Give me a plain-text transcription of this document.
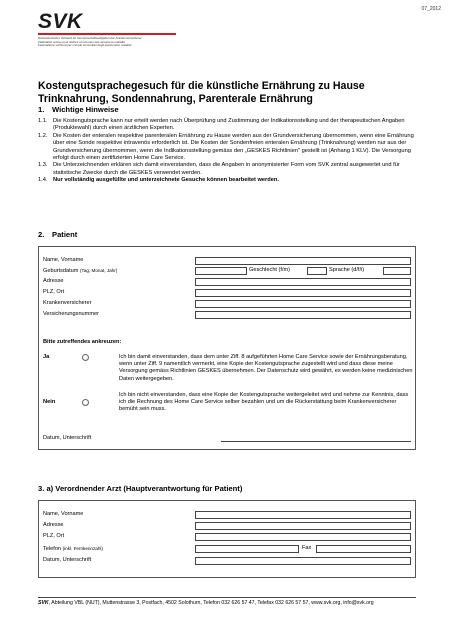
07_2012
SVK
Schweizerischer Verband für Gemeinschaftsaufgaben der Krankenversicherer
Fédération suisse pour tâches communes des assureurs-maladie
Federazione svizzera per compiti comunitari degli assicuratori malattia
Kostengutsprachegesuch für die künstliche Ernährung zu Hause
Trinknahrung, Sondennahrung, Parenterale Ernährung
1. Wichtige Hinweise
1.1. Die Kostengutsprache kann nur erteilt werden nach Überprüfung und Zustimmung der Indikationsstellung und der therapeutischen Angaben (Produktewahl) durch einen ärztlichen Experten.
1.2. Die Kosten der enteralen respektive parenteralen Ernährung zu Hause werden aus der Grundversicherung übernommen, wenn eine Ernährung über eine Sonde respektive intravenös erforderlich ist. Die Kosten der Sondenfreien enteralen Ernährung (Trinknahrung) werden nur aus der Grundversicherung übernommen, wenn die Indikationsstellung gemäss den „GESKES Richtlinien" gestellt ist (Anhang 1 KLV). Die Versorgung erfolgt durch einen zertifizierten Home Care Service.
1.3. Die Unterzeichnenden erklären sich damit einverstanden, dass die Angaben in anonymisierter Form vom SVK zentral ausgewertet und für statistische Zwecke durch die GESKES verwendet werden.
1.4. Nur vollständig ausgefüllte und unterzeichnete Gesuche können bearbeitet werden.
2. Patient
Name, Vorname
Geburtsdatum (Tag, Monat, Jahr)	Geschlecht (f/m)	Sprache (d/f/i)
Adresse
PLZ, Ort
Krankenversicherer
Versicherungsnummer
Bitte zutreffendes ankreuzen:
Ja	Ich bin damit einverstanden, dass dem unter Ziff. 8 aufgeführten Home Care Service sowie der Ernährungsberatung, wenn unter Ziff. 9 namentlich vermerkt, eine Kopie der Kostengutsprache zugestellt wird und dass diese meine Versorgung gemäss Richtlinien GESKES übernehmen. Der Datenschutz wird gewährt, es werden keine medizinischen Daten weitergegeben.
Nein
Ich bin nicht einverstanden, dass eine Kopie der Kostengutsprache weitergeleitet wird und nehme zur Kenntnis, dass ich die Rechnung des Home Care Service selber bezahlen und um die Rückerstattung beim Krankenversicherer bemüht sein muss.
Datum, Unterschrift
3. a) Verordnender Arzt (Hauptverantwortung für Patient)
Name, Vorname
Adresse
PLZ, Ort
Telefon (inkl. Fernkennzahl)	Fax
Datum, Unterschrift
SVK, Abteilung VBL (NUT), Muttenstrasse 3, Postfach, 4502 Solothurn, Telefon 032 626 57 47, Telefax 032 626 57 57, www.svk.org, info@svk.org
